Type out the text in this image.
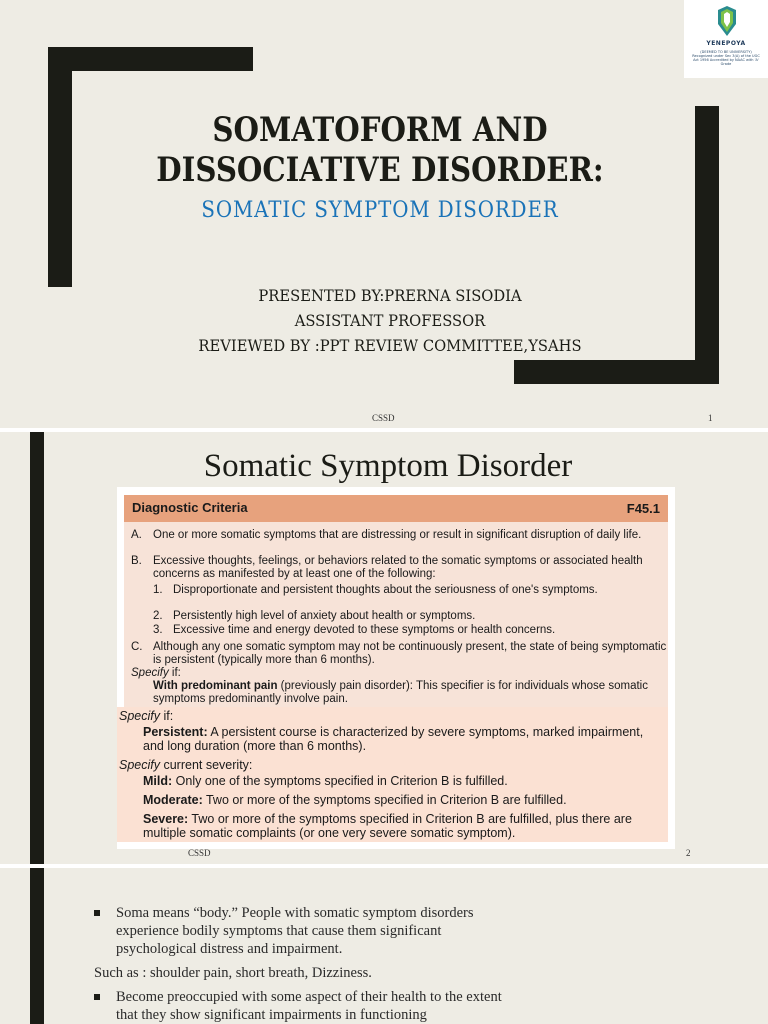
YENEPOYA
(DEEMED TO BE UNIVERSITY) Recognized under Sec 3(A) of the UGC Act 1956 Accredited by NAAC with 'A' Grade
SOMATOFORM AND
DISSOCIATIVE DISORDER:
SOMATIC SYMPTOM DISORDER
PRESENTED BY:PRERNA SISODIA
ASSISTANT PROFESSOR
REVIEWED BY :PPT REVIEW COMMITTEE,YSAHS
CSSD	1
Somatic Symptom Disorder
Diagnostic Criteria	F45.1
A. One or more somatic symptoms that are distressing or result in significant disruption of daily life.
B. Excessive thoughts, feelings, or behaviors related to the somatic symptoms or associated health concerns as manifested by at least one of the following:
1. Disproportionate and persistent thoughts about the seriousness of one's symptoms.
2. Persistently high level of anxiety about health or symptoms.
3. Excessive time and energy devoted to these symptoms or health concerns.
C. Although any one somatic symptom may not be continuously present, the state of being symptomatic is persistent (typically more than 6 months).
Specify if:
With predominant pain (previously pain disorder): This specifier is for individuals whose somatic symptoms predominantly involve pain.
Specify if:
Persistent: A persistent course is characterized by severe symptoms, marked impairment, and long duration (more than 6 months).
Specify current severity:
Mild: Only one of the symptoms specified in Criterion B is fulfilled.
Moderate: Two or more of the symptoms specified in Criterion B are fulfilled.
Severe: Two or more of the symptoms specified in Criterion B are fulfilled, plus there are multiple somatic complaints (or one very severe somatic symptom).
CSSD	2
Soma means “body.” People with somatic symptom disorders experience bodily symptoms that cause them significant psychological distress and impairment.
Such as : shoulder pain, short breath, Dizziness.
Become preoccupied with some aspect of their health to the extent that they show significant impairments in functioning
